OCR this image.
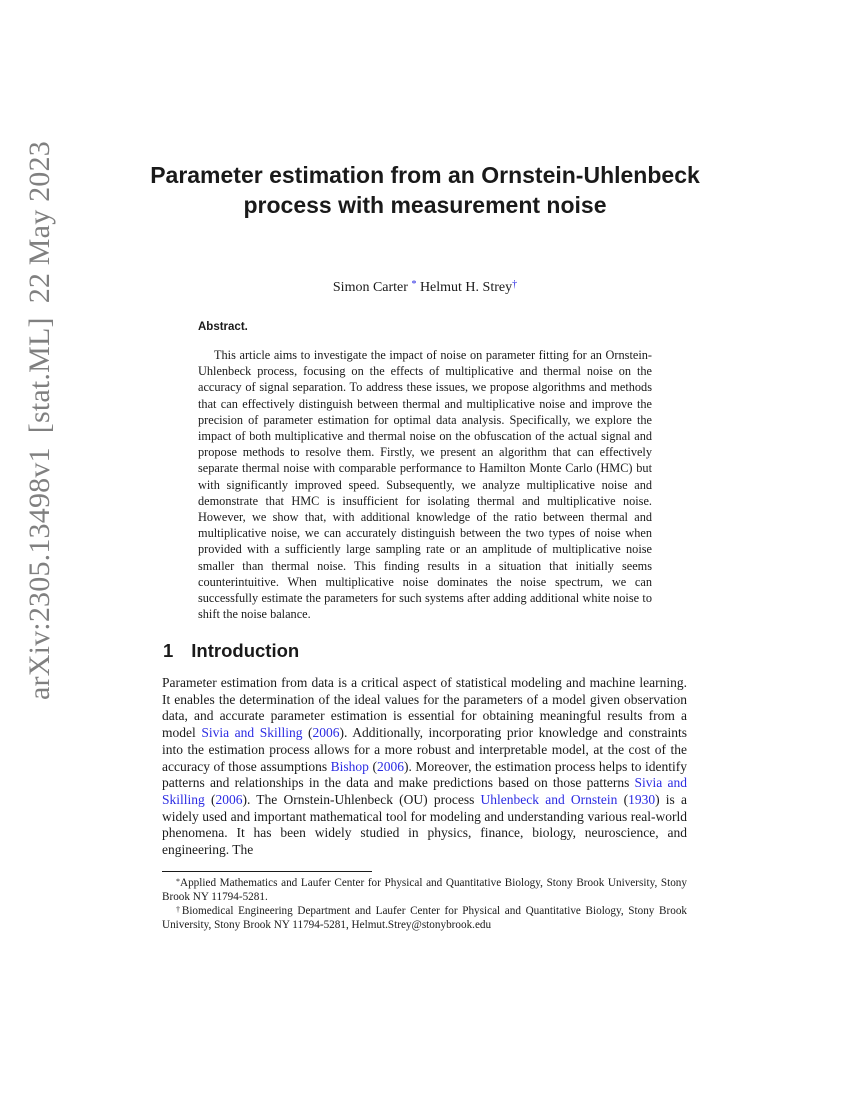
arXiv:2305.13498v1
[stat.ML]
22 May 2023	Parameter estimation from an Ornstein-Uhlenbeck process with measurement noise
Simon Carter * Helmut H. Strey†
Abstract.
This article aims to investigate the impact of noise on parameter fitting for an Ornstein-Uhlenbeck process, focusing on the effects of multiplicative and thermal noise on the accuracy of signal separation. To address these issues, we propose algorithms and methods that can effectively distinguish between thermal and multiplicative noise and improve the precision of parameter estimation for optimal data analysis. Specifically, we explore the impact of both multiplicative and thermal noise on the obfuscation of the actual signal and propose methods to resolve them. Firstly, we present an algorithm that can effectively separate thermal noise with comparable performance to Hamilton Monte Carlo (HMC) but with significantly improved speed. Subsequently, we analyze multiplicative noise and demonstrate that HMC is insufficient for isolating thermal and multiplicative noise. However, we show that, with additional knowledge of the ratio between thermal and multiplicative noise, we can accurately distinguish between the two types of noise when provided with a sufficiently large sampling rate or an amplitude of multiplicative noise smaller than thermal noise. This finding results in a situation that initially seems counterintuitive. When multiplicative noise dominates the noise spectrum, we can successfully estimate the parameters for such systems after adding additional white noise to shift the noise balance.
1 Introduction
Parameter estimation from data is a critical aspect of statistical modeling and machine learning. It enables the determination of the ideal values for the parameters of a model given observation data, and accurate parameter estimation is essential for obtaining meaningful results from a model Sivia and Skilling (2006). Additionally, incorporating prior knowledge and constraints into the estimation process allows for a more robust and interpretable model, at the cost of the accuracy of those assumptions Bishop (2006). Moreover, the estimation process helps to identify patterns and relationships in the data and make predictions based on those patterns Sivia and Skilling (2006). The Ornstein-Uhlenbeck (OU) process Uhlenbeck and Ornstein (1930) is a widely used and important mathematical tool for modeling and understanding various real-world phenomena. It has been widely studied in physics, finance, biology, neuroscience, and engineering. The

*Applied Mathematics and Laufer Center for Physical and Quantitative Biology, Stony Brook University, Stony Brook NY 11794-5281.

†Biomedical Engineering Department and Laufer Center for Physical and Quantitative Biology, Stony Brook University, Stony Brook NY 11794-5281, Helmut.Strey@stonybrook.edu
